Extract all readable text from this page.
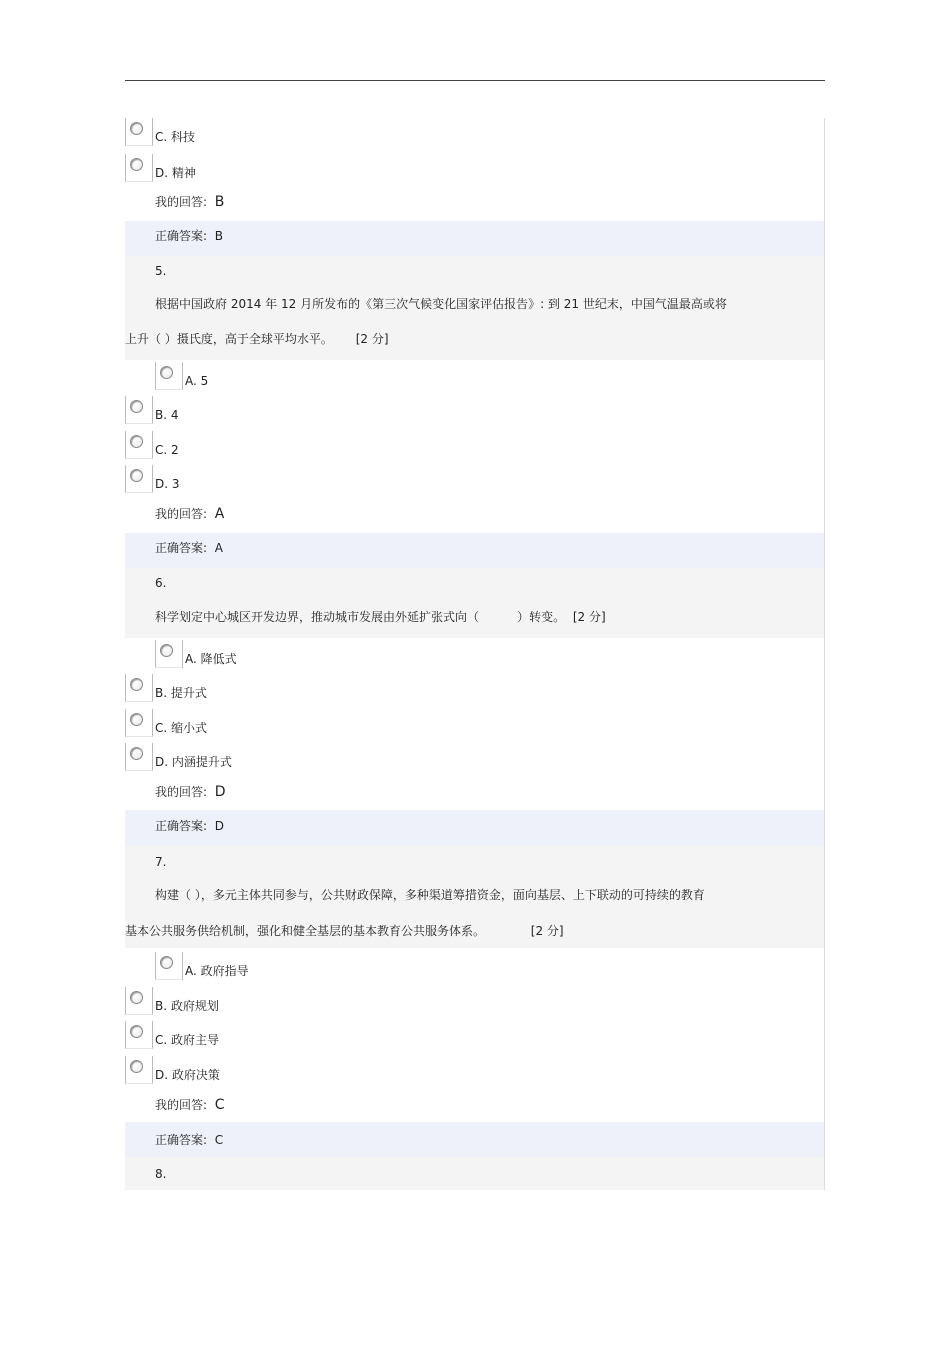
C. 科技
D. 精神
我的回答: B
正确答案: B
5.
根据中国政府 2014 年 12 月所发布的《第三次气候变化国家评估报告》: 到 21 世纪末，中国气温最高或将
上升（ ）摄氏度，高于全球平均水平。 [2 分]
A. 5
B. 4
C. 2
D. 3
我的回答: A
正确答案: A
6.
科学划定中心城区开发边界，推动城市发展由外延扩张式向（	）转变。 [2 分]
A. 降低式
B. 提升式
C. 缩小式
D. 内涵提升式
我的回答: D
正确答案: D
7.
构建（ ），多元主体共同参与，公共财政保障，多种渠道筹措资金，面向基层、上下联动的可持续的教育
基本公共服务供给机制，强化和健全基层的基本教育公共服务体系。	[2 分]
A. 政府指导
B. 政府规划
C. 政府主导
D. 政府决策
我的回答: C
正确答案: C
8.
